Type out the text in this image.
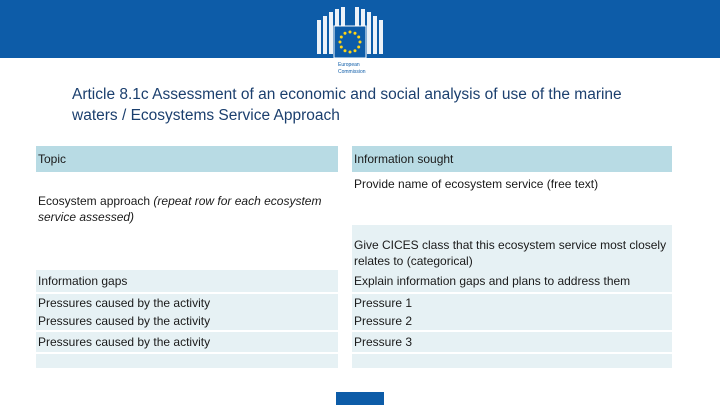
European
Commission
Article 8.1c Assessment of an economic and social analysis of use of the marine
waters / Ecosystems Service Approach
Topic		Information sought

Ecosystem approach (repeat row for each ecosystem service assessed)		Provide name of ecosystem service (free text)

		Give CICES class that this ecosystem service most closely relates to (categorical)
Information gaps		Explain information gaps and plans to address them

Pressures caused by the activity		Pressure 1
Pressures caused by the activity		Pressure 2

Pressures caused by the activity		Pressure 3
